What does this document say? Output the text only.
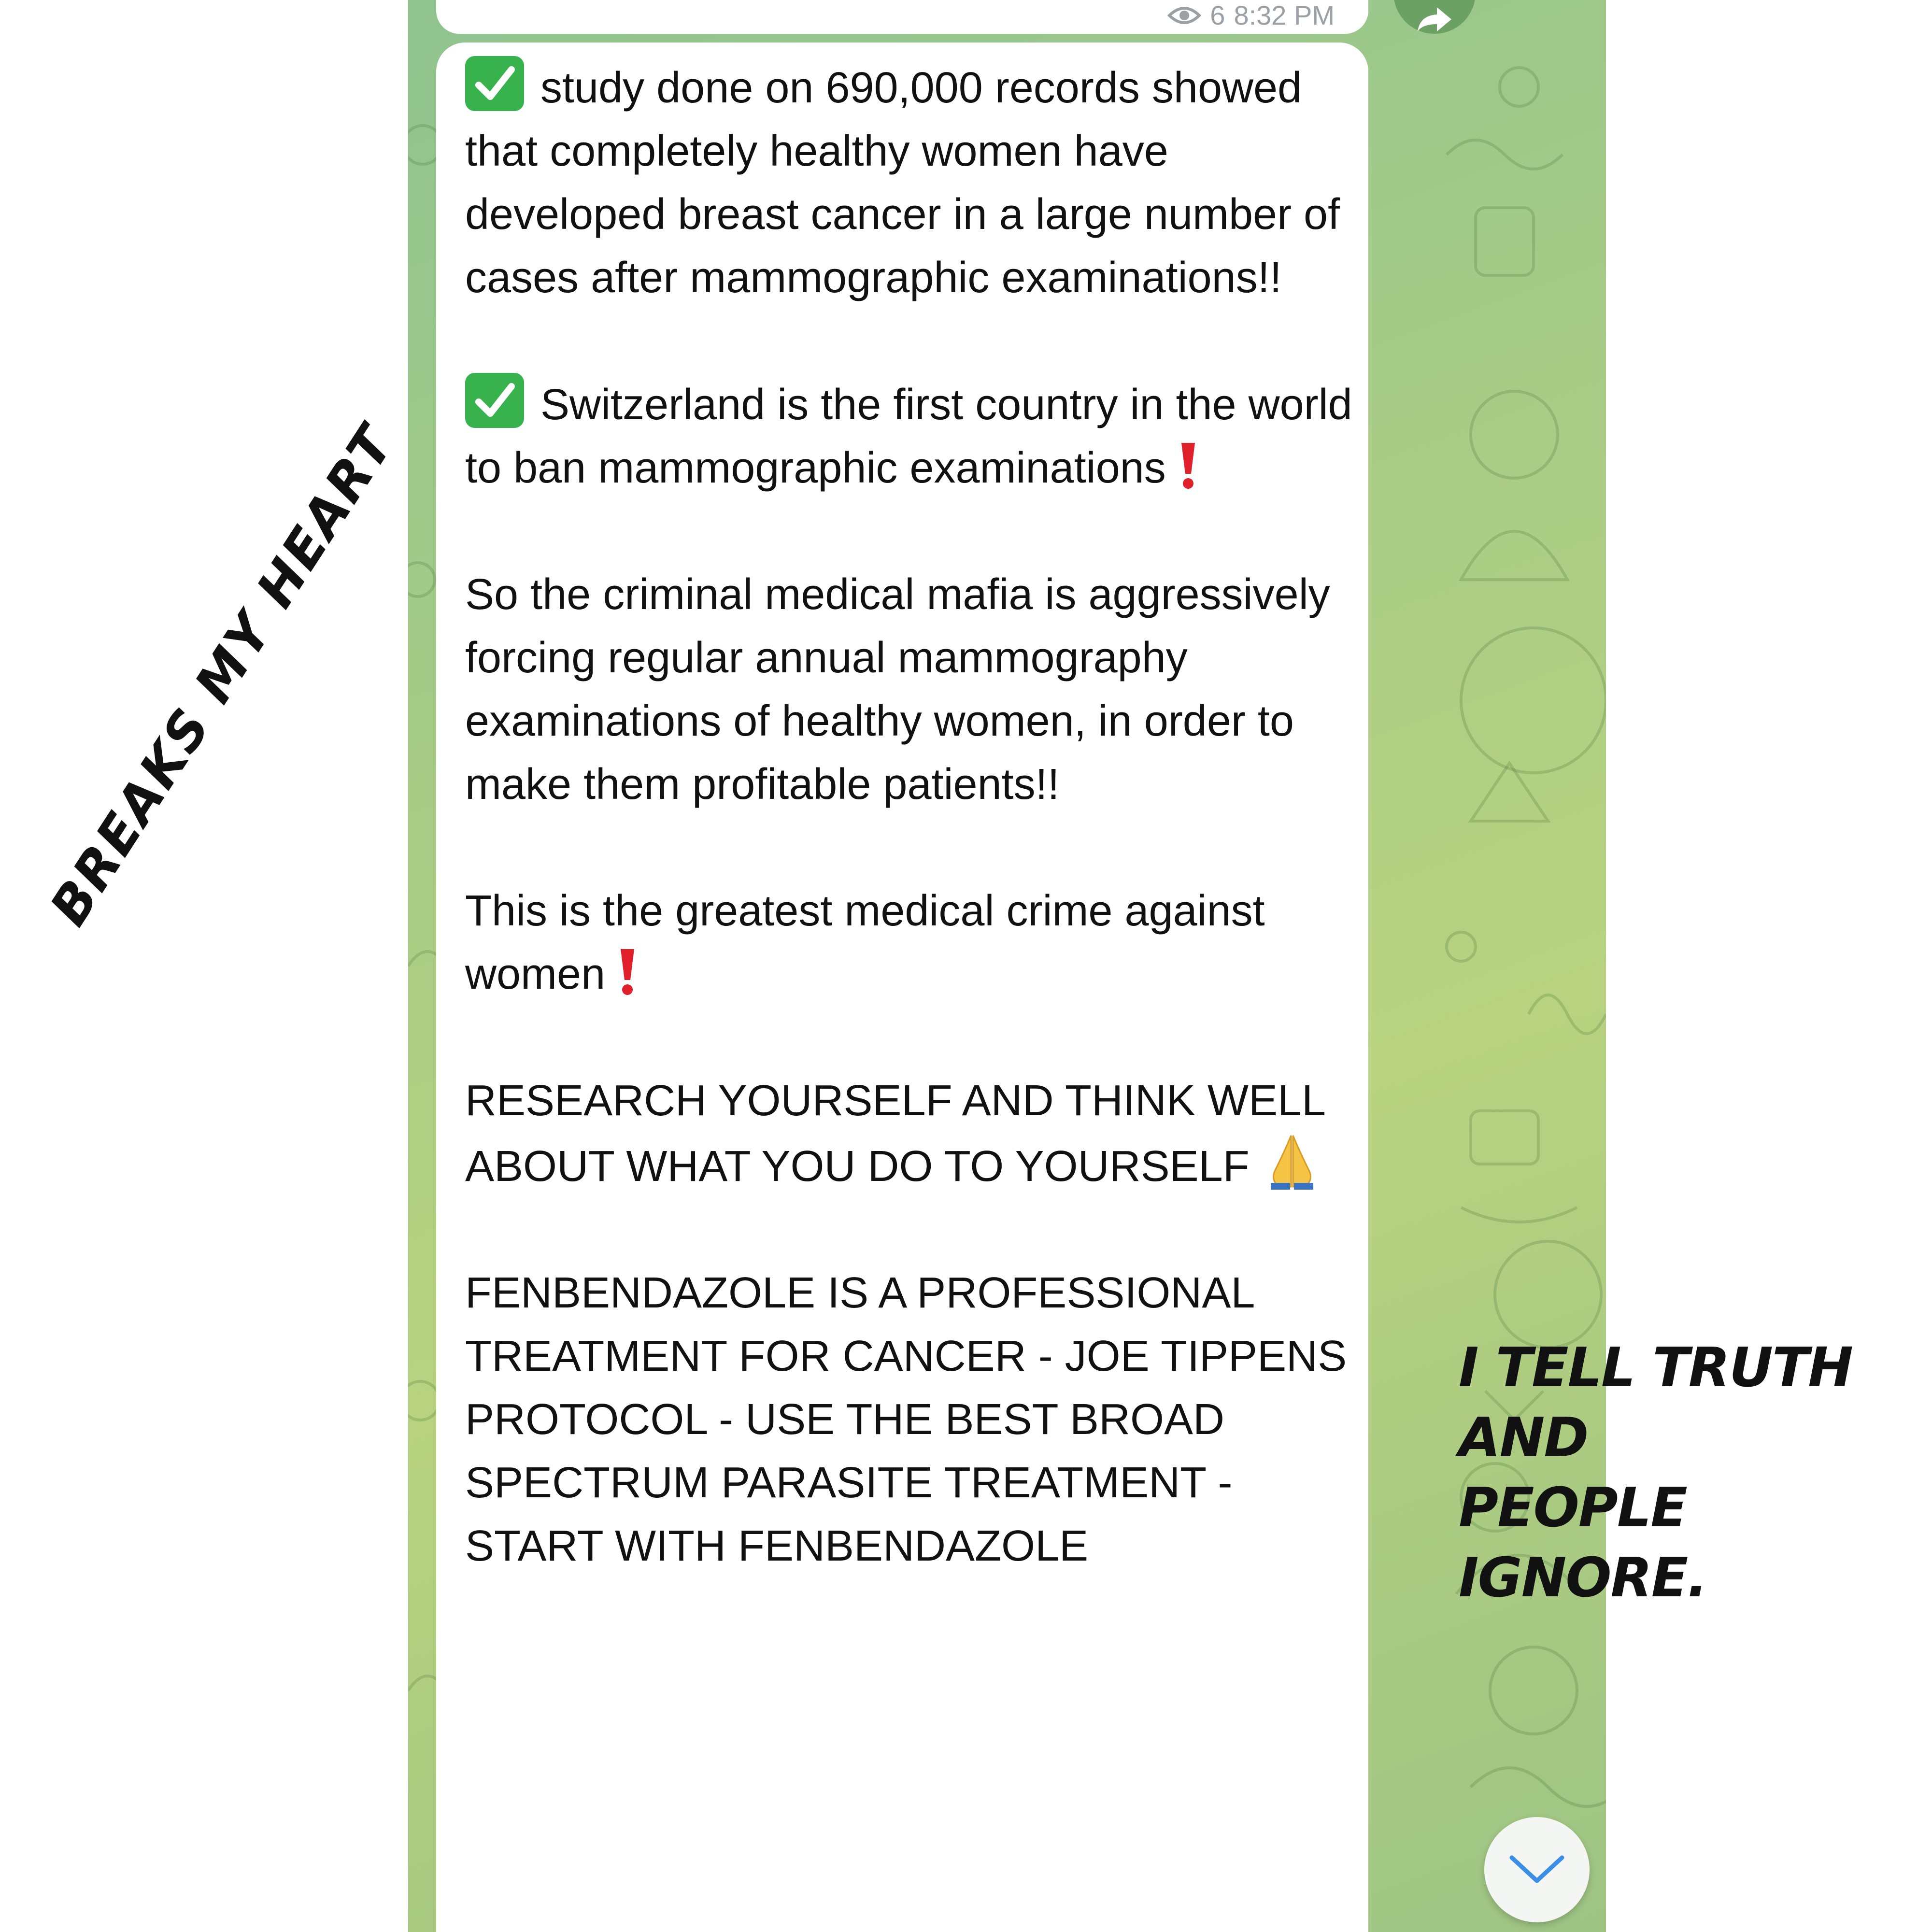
6 8:32 PM

study done on 690,000 records showed that completely healthy women have developed breast cancer in a large number of cases after mammographic examinations!!

Switzerland is the first country in the world to ban mammographic examinations

So the criminal medical mafia is aggressively forcing regular annual mammography examinations of healthy women, in order to make them profitable patients!!

This is the greatest medical crime against women

RESEARCH YOURSELF AND THINK WELL ABOUT WHAT YOU DO TO YOURSELF

FENBENDAZOLE IS A PROFESSIONAL TREATMENT FOR CANCER - JOE TIPPENS PROTOCOL - USE THE BEST BROAD SPECTRUM PARASITE TREATMENT - START WITH FENBENDAZOLE

BREAKS MY HEART
I TELL TRUTH AND
PEOPLE IGNORE.
